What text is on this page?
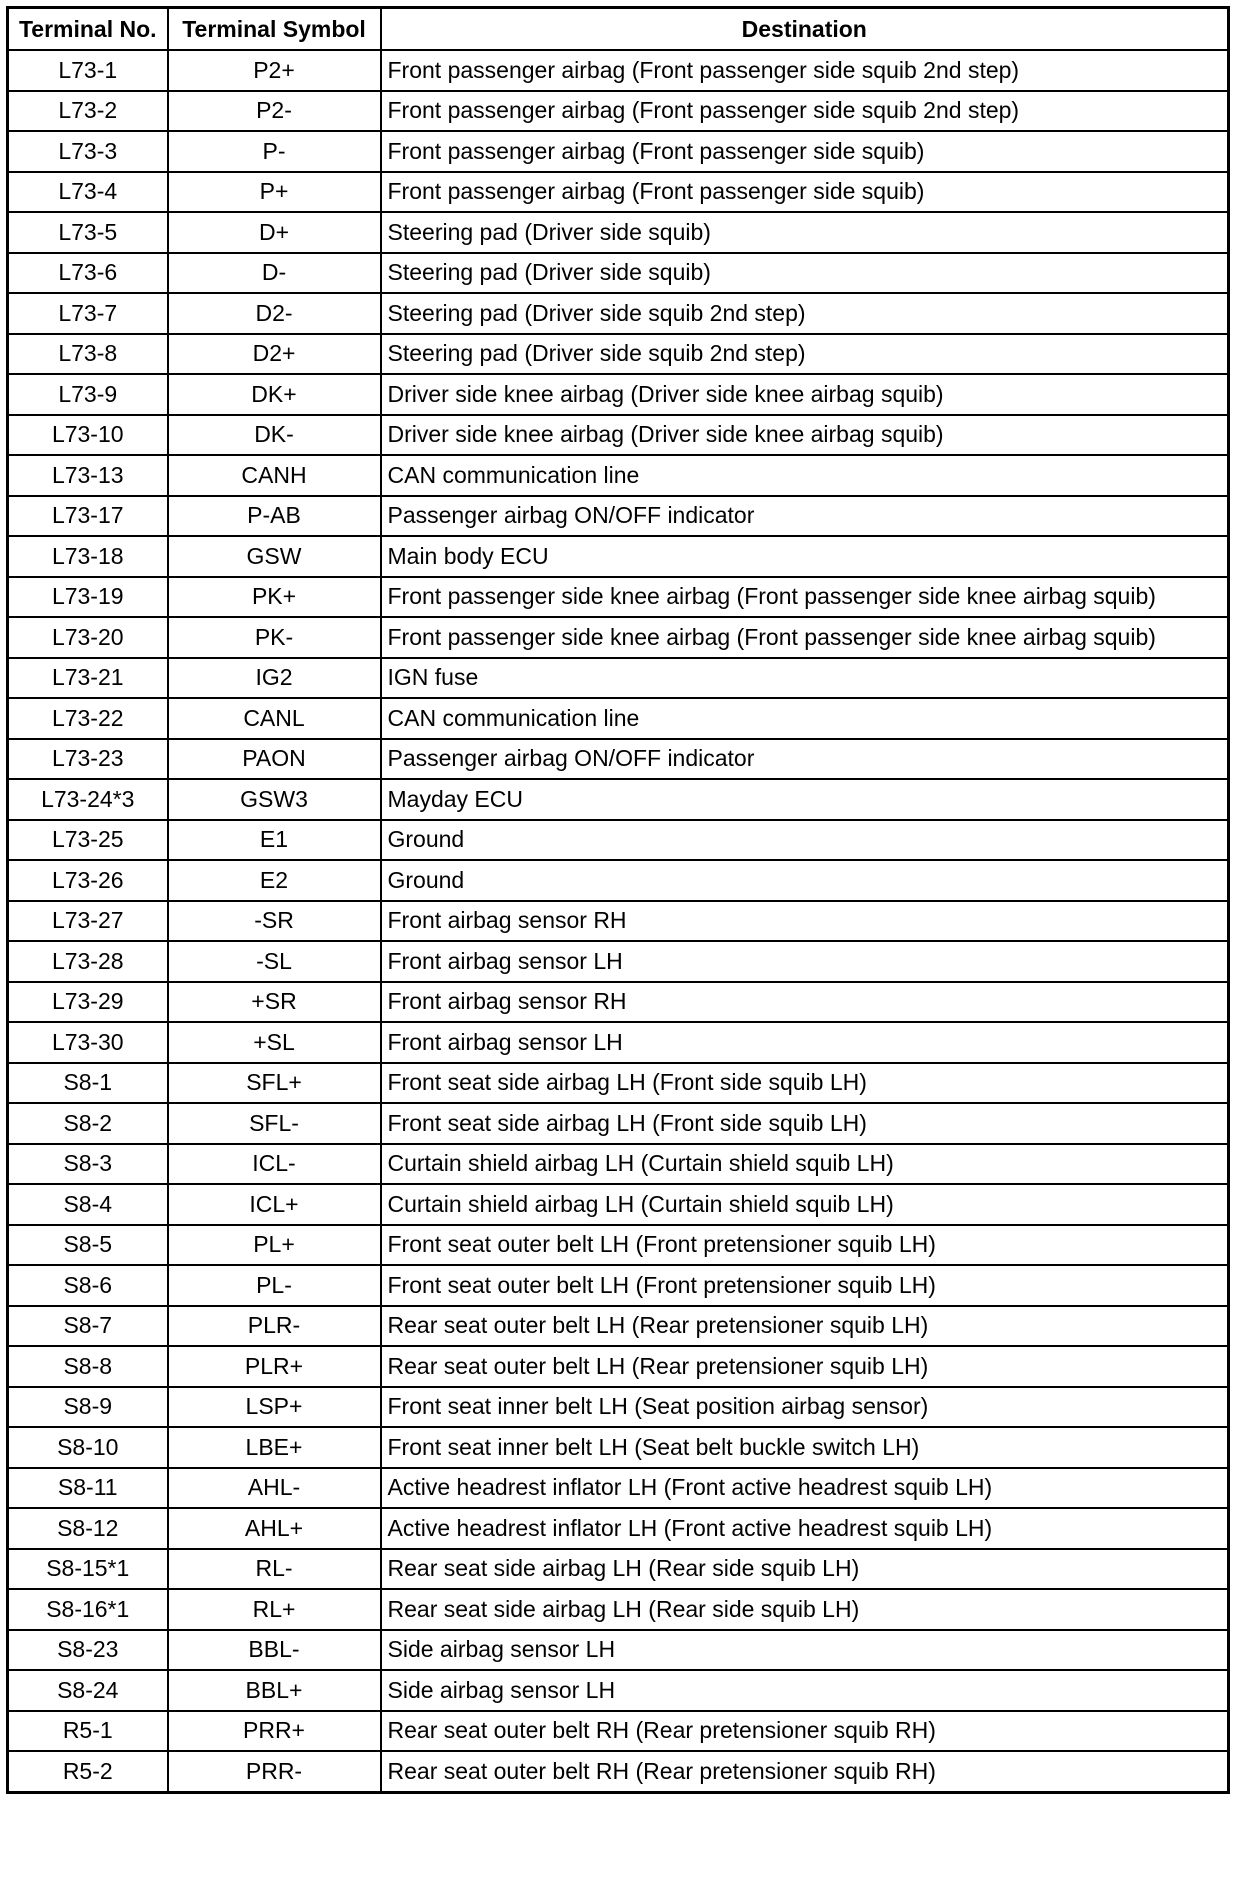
Terminal No.	Terminal Symbol	Destination
L73-1	P2+	Front passenger airbag (Front passenger side squib 2nd step)
L73-2	P2-	Front passenger airbag (Front passenger side squib 2nd step)
L73-3	P-	Front passenger airbag (Front passenger side squib)
L73-4	P+	Front passenger airbag (Front passenger side squib)
L73-5	D+	Steering pad (Driver side squib)
L73-6	D-	Steering pad (Driver side squib)
L73-7	D2-	Steering pad (Driver side squib 2nd step)
L73-8	D2+	Steering pad (Driver side squib 2nd step)
L73-9	DK+	Driver side knee airbag (Driver side knee airbag squib)
L73-10	DK-	Driver side knee airbag (Driver side knee airbag squib)
L73-13	CANH	CAN communication line
L73-17	P-AB	Passenger airbag ON/OFF indicator
L73-18	GSW	Main body ECU
L73-19	PK+	Front passenger side knee airbag (Front passenger side knee airbag squib)
L73-20	PK-	Front passenger side knee airbag (Front passenger side knee airbag squib)
L73-21	IG2	IGN fuse
L73-22	CANL	CAN communication line
L73-23	PAON	Passenger airbag ON/OFF indicator
L73-24*3	GSW3	Mayday ECU
L73-25	E1	Ground
L73-26	E2	Ground
L73-27	-SR	Front airbag sensor RH
L73-28	-SL	Front airbag sensor LH
L73-29	+SR	Front airbag sensor RH
L73-30	+SL	Front airbag sensor LH
S8-1	SFL+	Front seat side airbag LH (Front side squib LH)
S8-2	SFL-	Front seat side airbag LH (Front side squib LH)
S8-3	ICL-	Curtain shield airbag LH (Curtain shield squib LH)
S8-4	ICL+	Curtain shield airbag LH (Curtain shield squib LH)
S8-5	PL+	Front seat outer belt LH (Front pretensioner squib LH)
S8-6	PL-	Front seat outer belt LH (Front pretensioner squib LH)
S8-7	PLR-	Rear seat outer belt LH (Rear pretensioner squib LH)
S8-8	PLR+	Rear seat outer belt LH (Rear pretensioner squib LH)
S8-9	LSP+	Front seat inner belt LH (Seat position airbag sensor)
S8-10	LBE+	Front seat inner belt LH (Seat belt buckle switch LH)
S8-11	AHL-	Active headrest inflator LH (Front active headrest squib LH)
S8-12	AHL+	Active headrest inflator LH (Front active headrest squib LH)
S8-15*1	RL-	Rear seat side airbag LH (Rear side squib LH)
S8-16*1	RL+	Rear seat side airbag LH (Rear side squib LH)
S8-23	BBL-	Side airbag sensor LH
S8-24	BBL+	Side airbag sensor LH
R5-1	PRR+	Rear seat outer belt RH (Rear pretensioner squib RH)
R5-2	PRR-	Rear seat outer belt RH (Rear pretensioner squib RH)
